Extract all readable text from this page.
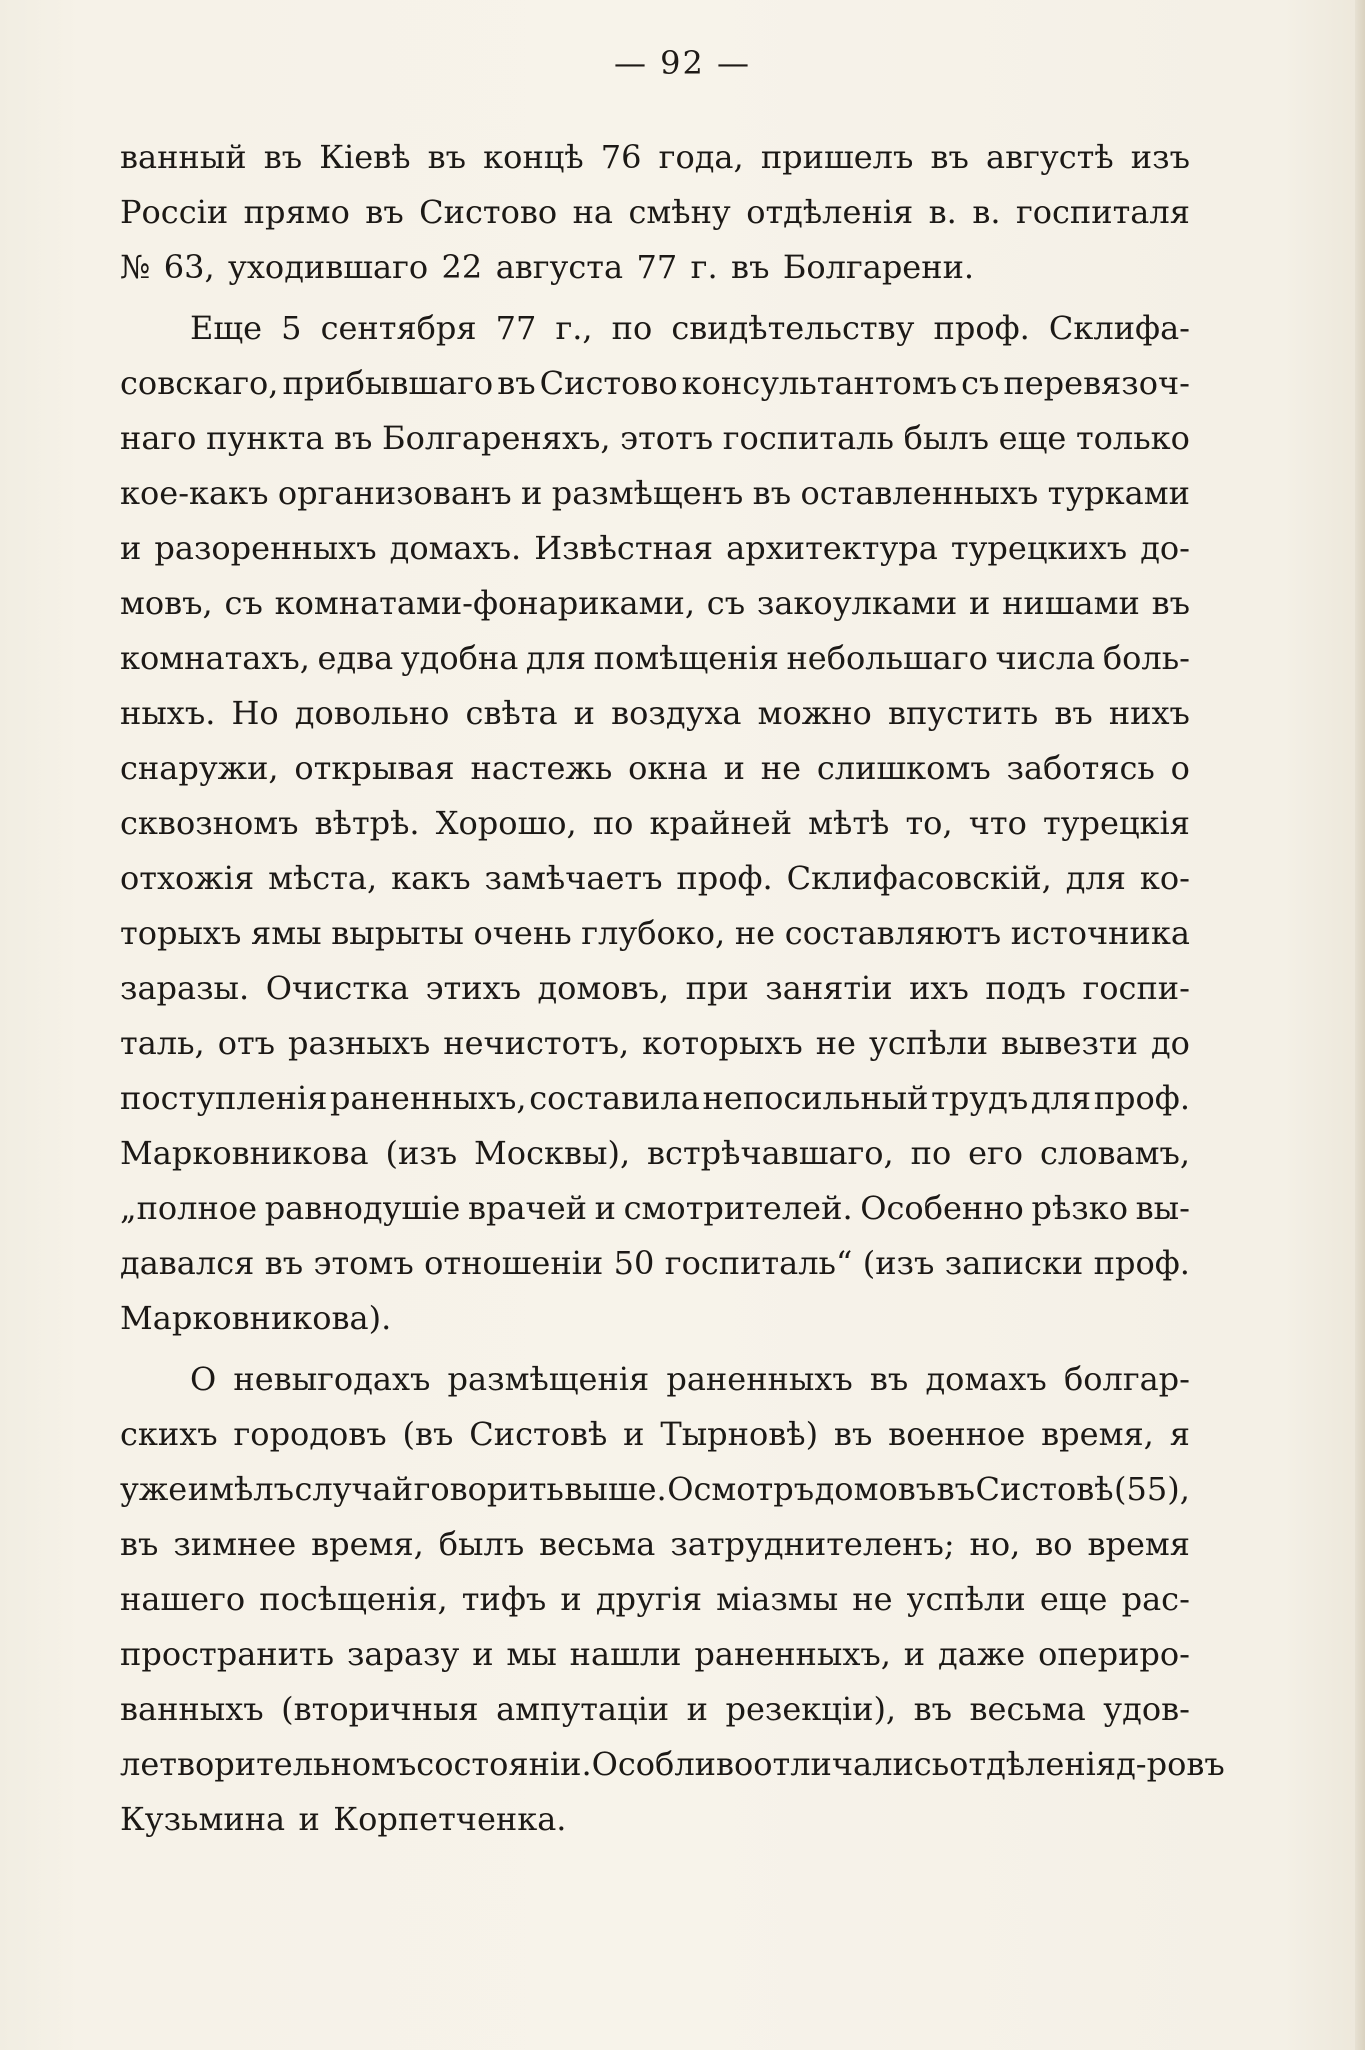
— 92 —
ванный въ Кіевѣ въ концѣ 76 года, пришелъ въ августѣ изъ
Россіи прямо въ Систово на смѣну отдѣленія в. в. госпиталя
№ 63, уходившаго 22 августа 77 г. въ Болгарени.
Еще 5 сентября 77 г., по свидѣтельству проф. Склифа-
совскаго, прибывшаго въ Систово консультантомъ съ перевязоч-
наго пункта въ Болгареняхъ, этотъ госпиталь былъ еще только
кое-какъ организованъ и размѣщенъ въ оставленныхъ турками
и разоренныхъ домахъ. Извѣстная архитектура турецкихъ до-
мовъ, съ комнатами-фонариками, съ закоулками и нишами въ
комнатахъ, едва удобна для помѣщенія небольшаго числа боль-
ныхъ. Но довольно свѣта и воздуха можно впустить въ нихъ
снаружи, открывая настежь окна и не слишкомъ заботясь о
сквозномъ вѣтрѣ. Хорошо, по крайней мѣтѣ то, что турецкія
отхожія мѣста, какъ замѣчаетъ проф. Склифасовскій, для ко-
торыхъ ямы вырыты очень глубоко, не составляютъ источника
заразы. Очистка этихъ домовъ, при занятіи ихъ подъ госпи-
таль, отъ разныхъ нечистотъ, которыхъ не успѣли вывезти до
поступленія раненныхъ, составила непосильный трудъ для проф.
Марковникова (изъ Москвы), встрѣчавшаго, по его словамъ,
„полное равнодушіе врачей и смотрителей. Особенно рѣзко вы-
давался въ этомъ отношеніи 50 госпиталь“ (изъ записки проф.
Марковникова).
О невыгодахъ размѣщенія раненныхъ въ домахъ болгар-
скихъ городовъ (въ Систовѣ и Тырновѣ) въ военное время, я
уже имѣлъ случай говорить выше. Осмотръ домовъ въ Систовѣ (55),
въ зимнее время, былъ весьма затруднителенъ; но, во время
нашего посѣщенія, тифъ и другія міазмы не успѣли еще рас-
пространить заразу и мы нашли раненныхъ, и даже опериро-
ванныхъ (вторичныя ампутаціи и резекціи), въ весьма удов-
летворительномъ состояніи. Особливо отличались отдѣленія д-ровъ
Кузьмина и Корпетченка.
